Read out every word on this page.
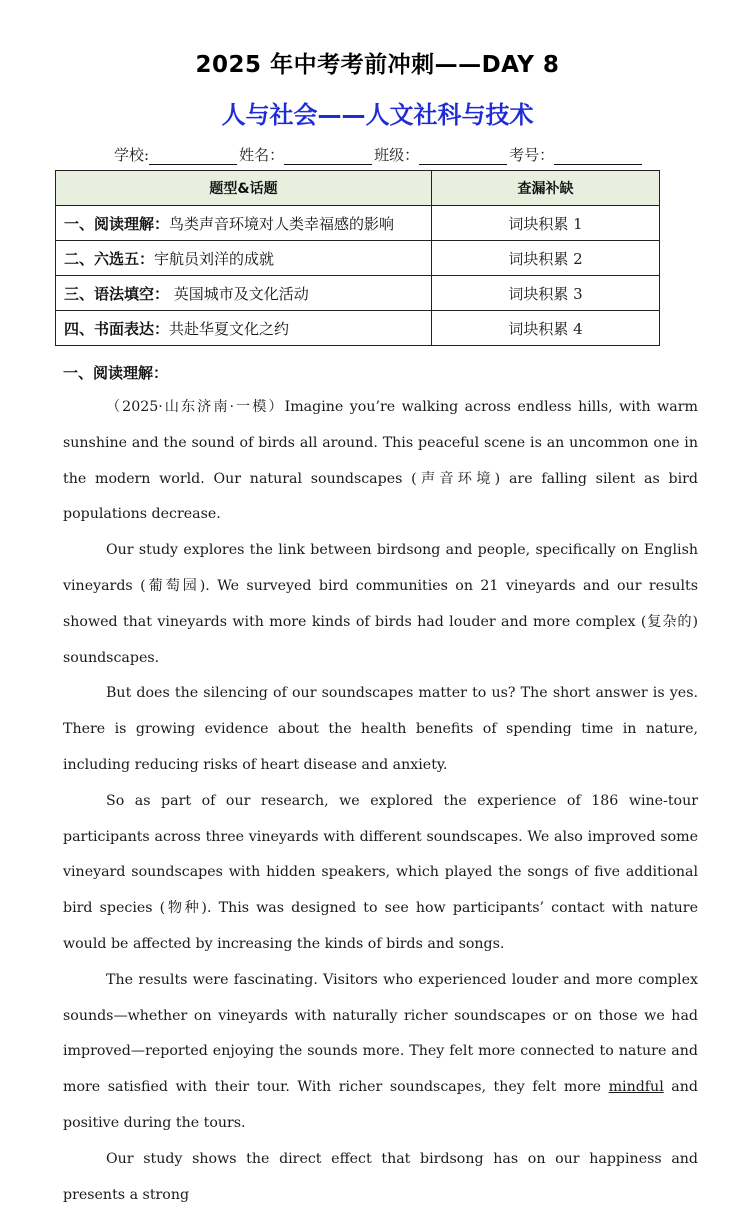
2025 年中考考前冲刺——DAY 8
人与社会——人文社科与技术
学校:	姓名：	班级：	考号：
题型&话题	查漏补缺
一、阅读理解：鸟类声音环境对人类幸福感的影响	词块积累 1
二、六选五：宇航员刘洋的成就	词块积累 2
三、语法填空： 英国城市及文化活动	词块积累 3
四、书面表达：共赴华夏文化之约	词块积累 4
一、阅读理解：

（2025·山东济南·一模）Imagine you’re walking across endless hills, with warm sunshine and the sound of birds all around. This peaceful scene is an uncommon one in the modern world. Our natural soundscapes (声音环境) are falling silent as bird populations decrease.

Our study explores the link between birdsong and people, specifically on English vineyards (葡萄园). We surveyed bird communities on 21 vineyards and our results showed that vineyards with more kinds of birds had louder and more complex (复杂的) soundscapes.

But does the silencing of our soundscapes matter to us? The short answer is yes. There is growing evidence about the health benefits of spending time in nature, including reducing risks of heart disease and anxiety.

So as part of our research, we explored the experience of 186 wine-tour participants across three vineyards with different soundscapes. We also improved some vineyard soundscapes with hidden speakers, which played the songs of five additional bird species (物种). This was designed to see how participants’ contact with nature would be affected by increasing the kinds of birds and songs.

The results were fascinating. Visitors who experienced louder and more complex sounds—whether on vineyards with naturally richer soundscapes or on those we had improved—reported enjoying the sounds more. They felt more connected to nature and more satisfied with their tour. With richer soundscapes, they felt more mindful and positive during the tours.

Our study shows the direct effect that birdsong has on our happiness and presents a strong
